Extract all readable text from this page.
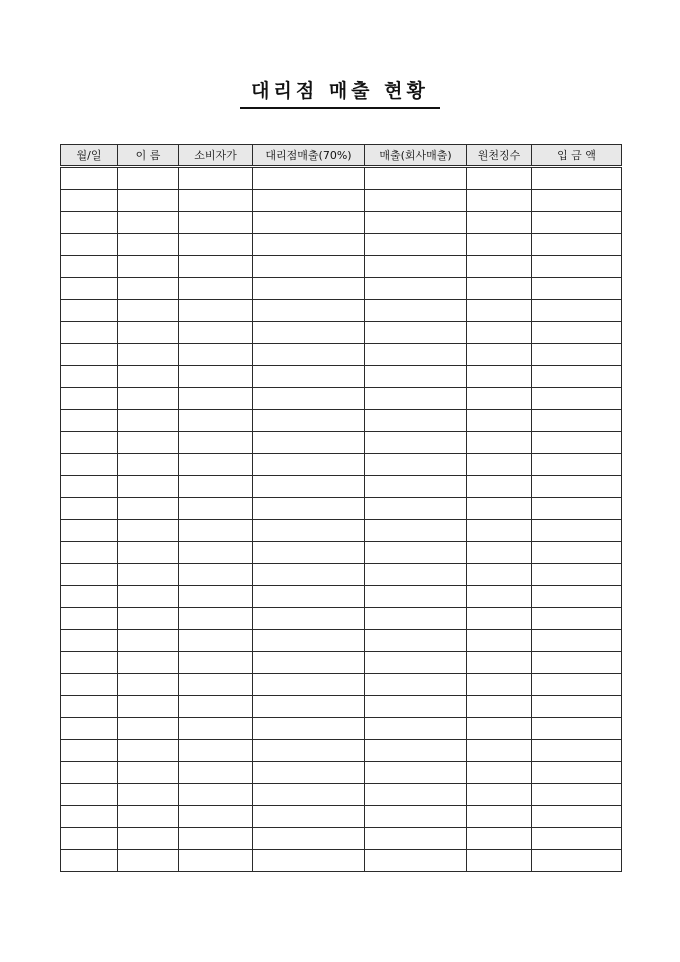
대리점 매출 현황
월/일	이 름	소비자가	대리점매출(70%)	매출(회사매출)	원천징수	입 금 액
